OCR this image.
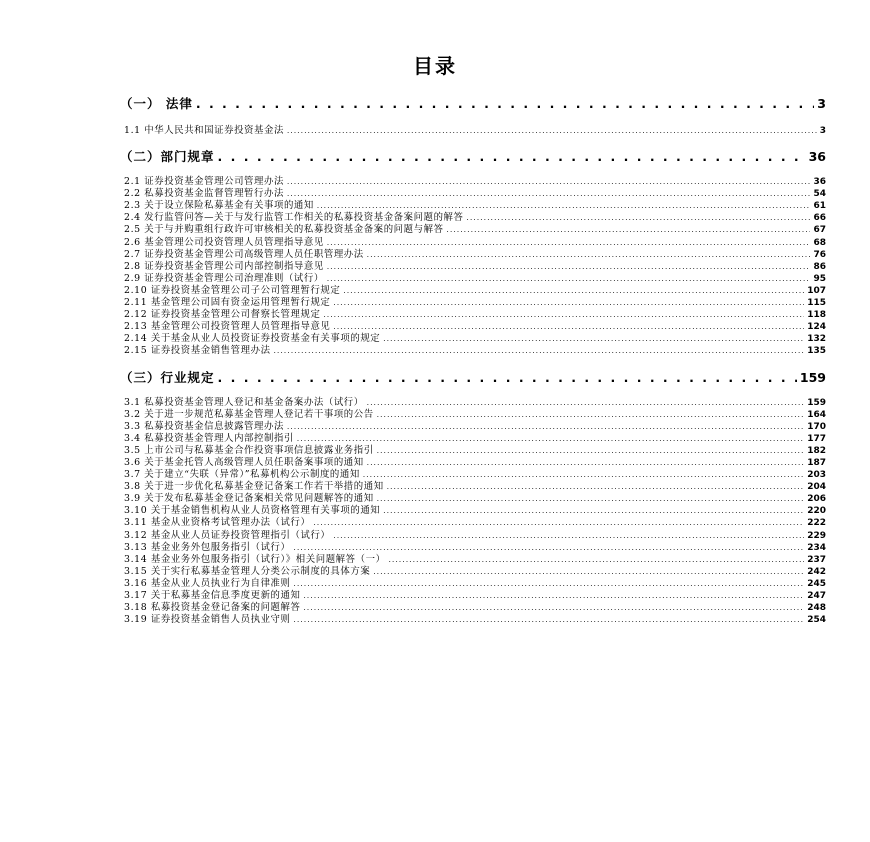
目录
（一） 法律 . . .	3
1.1 中华人民共和国证券投资基金法 . . .	3
（二）部门规章 . . .	36
2.1 证券投资基金管理公司管理办法 . . .	36
2.2 私募投资基金监督管理暂行办法 . . .	54
2.3 关于设立保险私募基金有关事项的通知 . . .	61
2.4 发行监管问答—关于与发行监管工作相关的私募投资基金备案问题的解答 . . .	66
2.5 关于与并购重组行政许可审核相关的私募投资基金备案的问题与解答 . . .	67
2.6 基金管理公司投资管理人员管理指导意见 . . .	68
2.7 证券投资基金管理公司高级管理人员任职管理办法 . . .	76
2.8 证券投资基金管理公司内部控制指导意见 . . .	86
2.9 证券投资基金管理公司治理准则（试行） . . .	95
2.10 证券投资基金管理公司子公司管理暂行规定 . . .	107
2.11 基金管理公司固有资金运用管理暂行规定 . . .	115
2.12 证券投资基金管理公司督察长管理规定 . . .	118
2.13 基金管理公司投资管理人员管理指导意见 . . .	124
2.14 关于基金从业人员投资证券投资基金有关事项的规定 . . .	132
2.15 证券投资基金销售管理办法 . . .	135
（三）行业规定 . . .	159
3.1 私募投资基金管理人登记和基金备案办法（试行） . . .	159
3.2 关于进一步规范私募基金管理人登记若干事项的公告 . . .	164
3.3 私募投资基金信息披露管理办法 . . .	170
3.4 私募投资基金管理人内部控制指引 . . .	177
3.5 上市公司与私募基金合作投资事项信息披露业务指引 . . .	182
3.6 关于基金托管人高级管理人员任职备案事项的通知 . . .	187
3.7 关于建立“失联（异常）”私募机构公示制度的通知 . . .	203
3.8 关于进一步优化私募基金登记备案工作若干举措的通知 . . .	204
3.9 关于发布私募基金登记备案相关常见问题解答的通知 . . .	206
3.10 关于基金销售机构从业人员资格管理有关事项的通知 . . .	220
3.11 基金从业资格考试管理办法（试行） . . .	222
3.12 基金从业人员证券投资管理指引（试行） . . .	229
3.13 基金业务外包服务指引（试行） . . .	234
3.14 基金业务外包服务指引（试行）》相关问题解答（一） . . .	237
3.15 关于实行私募基金管理人分类公示制度的具体方案 . . .	242
3.16 基金从业人员执业行为自律准则 . . .	245
3.17 关于私募基金信息季度更新的通知 . . .	247
3.18 私募投资基金登记备案的问题解答 . . .	248
3.19 证券投资基金销售人员执业守则 . . .	254
